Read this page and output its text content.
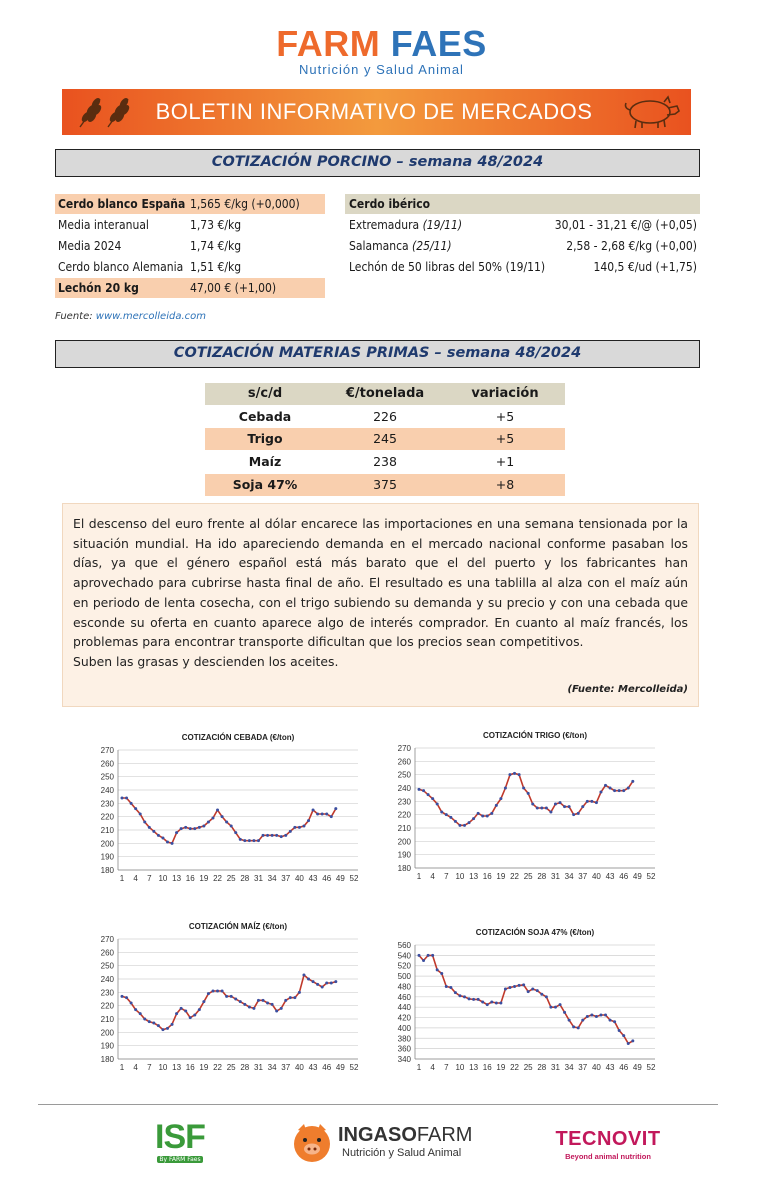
FARM FAES
Nutrición y Salud Animal
BOLETIN INFORMATIVO DE MERCADOS
COTIZACIÓN PORCINO – semana 48/2024
Cerdo blanco España 1,565 €/kg (+0,000)
Media interanual	1,73 €/kg
Media 2024	1,74 €/kg
Cerdo blanco Alemania 1,51 €/kg
Lechón 20 kg	47,00 € (+1,00)
Cerdo ibérico
Extremadura (19/11)	30,01 - 31,21 €/@ (+0,05)
Salamanca (25/11)	2,58 - 2,68 €/kg (+0,00)
Lechón de 50 libras del 50% (19/11)	140,5 €/ud (+1,75)
Fuente: www.mercolleida.com
COTIZACIÓN MATERIAS PRIMAS – semana 48/2024
s/c/d	€/tonelada	variación
Cebada	226	+5
Trigo	245	+5
Maíz	238	+1
Soja 47%	375	+8

El descenso del euro frente al dólar encarece las importaciones en una semana tensionada por la situación mundial. Ha ido apareciendo demanda en el mercado nacional conforme pasaban los días, ya que el género español está más barato que el del puerto y los fabricantes han aprovechado para cubrirse hasta final de año. El resultado es una tablilla al alza con el maíz aún en periodo de lenta cosecha, con el trigo subiendo su demanda y su precio y con una cebada que esconde su oferta en cuanto aparece algo de interés comprador. En cuanto al maíz francés, los problemas para encontrar transporte dificultan que los precios sean competitivos.

Suben las grasas y descienden los aceites.

(Fuente: Mercolleida)
COTIZACIÓN CEBADA (€/ton)
180
190
200
210
220
230
240
250
260
270
1 4 7 10 13 16 19 22 25 28 31 34 37 40 43 46 49 52
COTIZACIÓN TRIGO (€/ton)
180
190
200
210
220
230
240
250
260
270
1 4 7 10 13 16 19 22 25 28 31 34 37 40 43 46 49 52
COTIZACIÓN MAÍZ (€/ton)
180
190
200
210
220
230
240
250
260
270
1 4 7 10 13 16 19 22 25 28 31 34 37 40 43 46 49 52
COTIZACIÓN SOJA 47% (€/ton)
340
360
380
400
420
440
460
480
500
520
540
560
1 4 7 10 13 16 19 22 25 28 31 34 37 40 43 46 49 52
ISF
By FARM Faes
INGASOFARM
Nutrición y Salud Animal
TECNOVIT
Beyond animal nutrition
